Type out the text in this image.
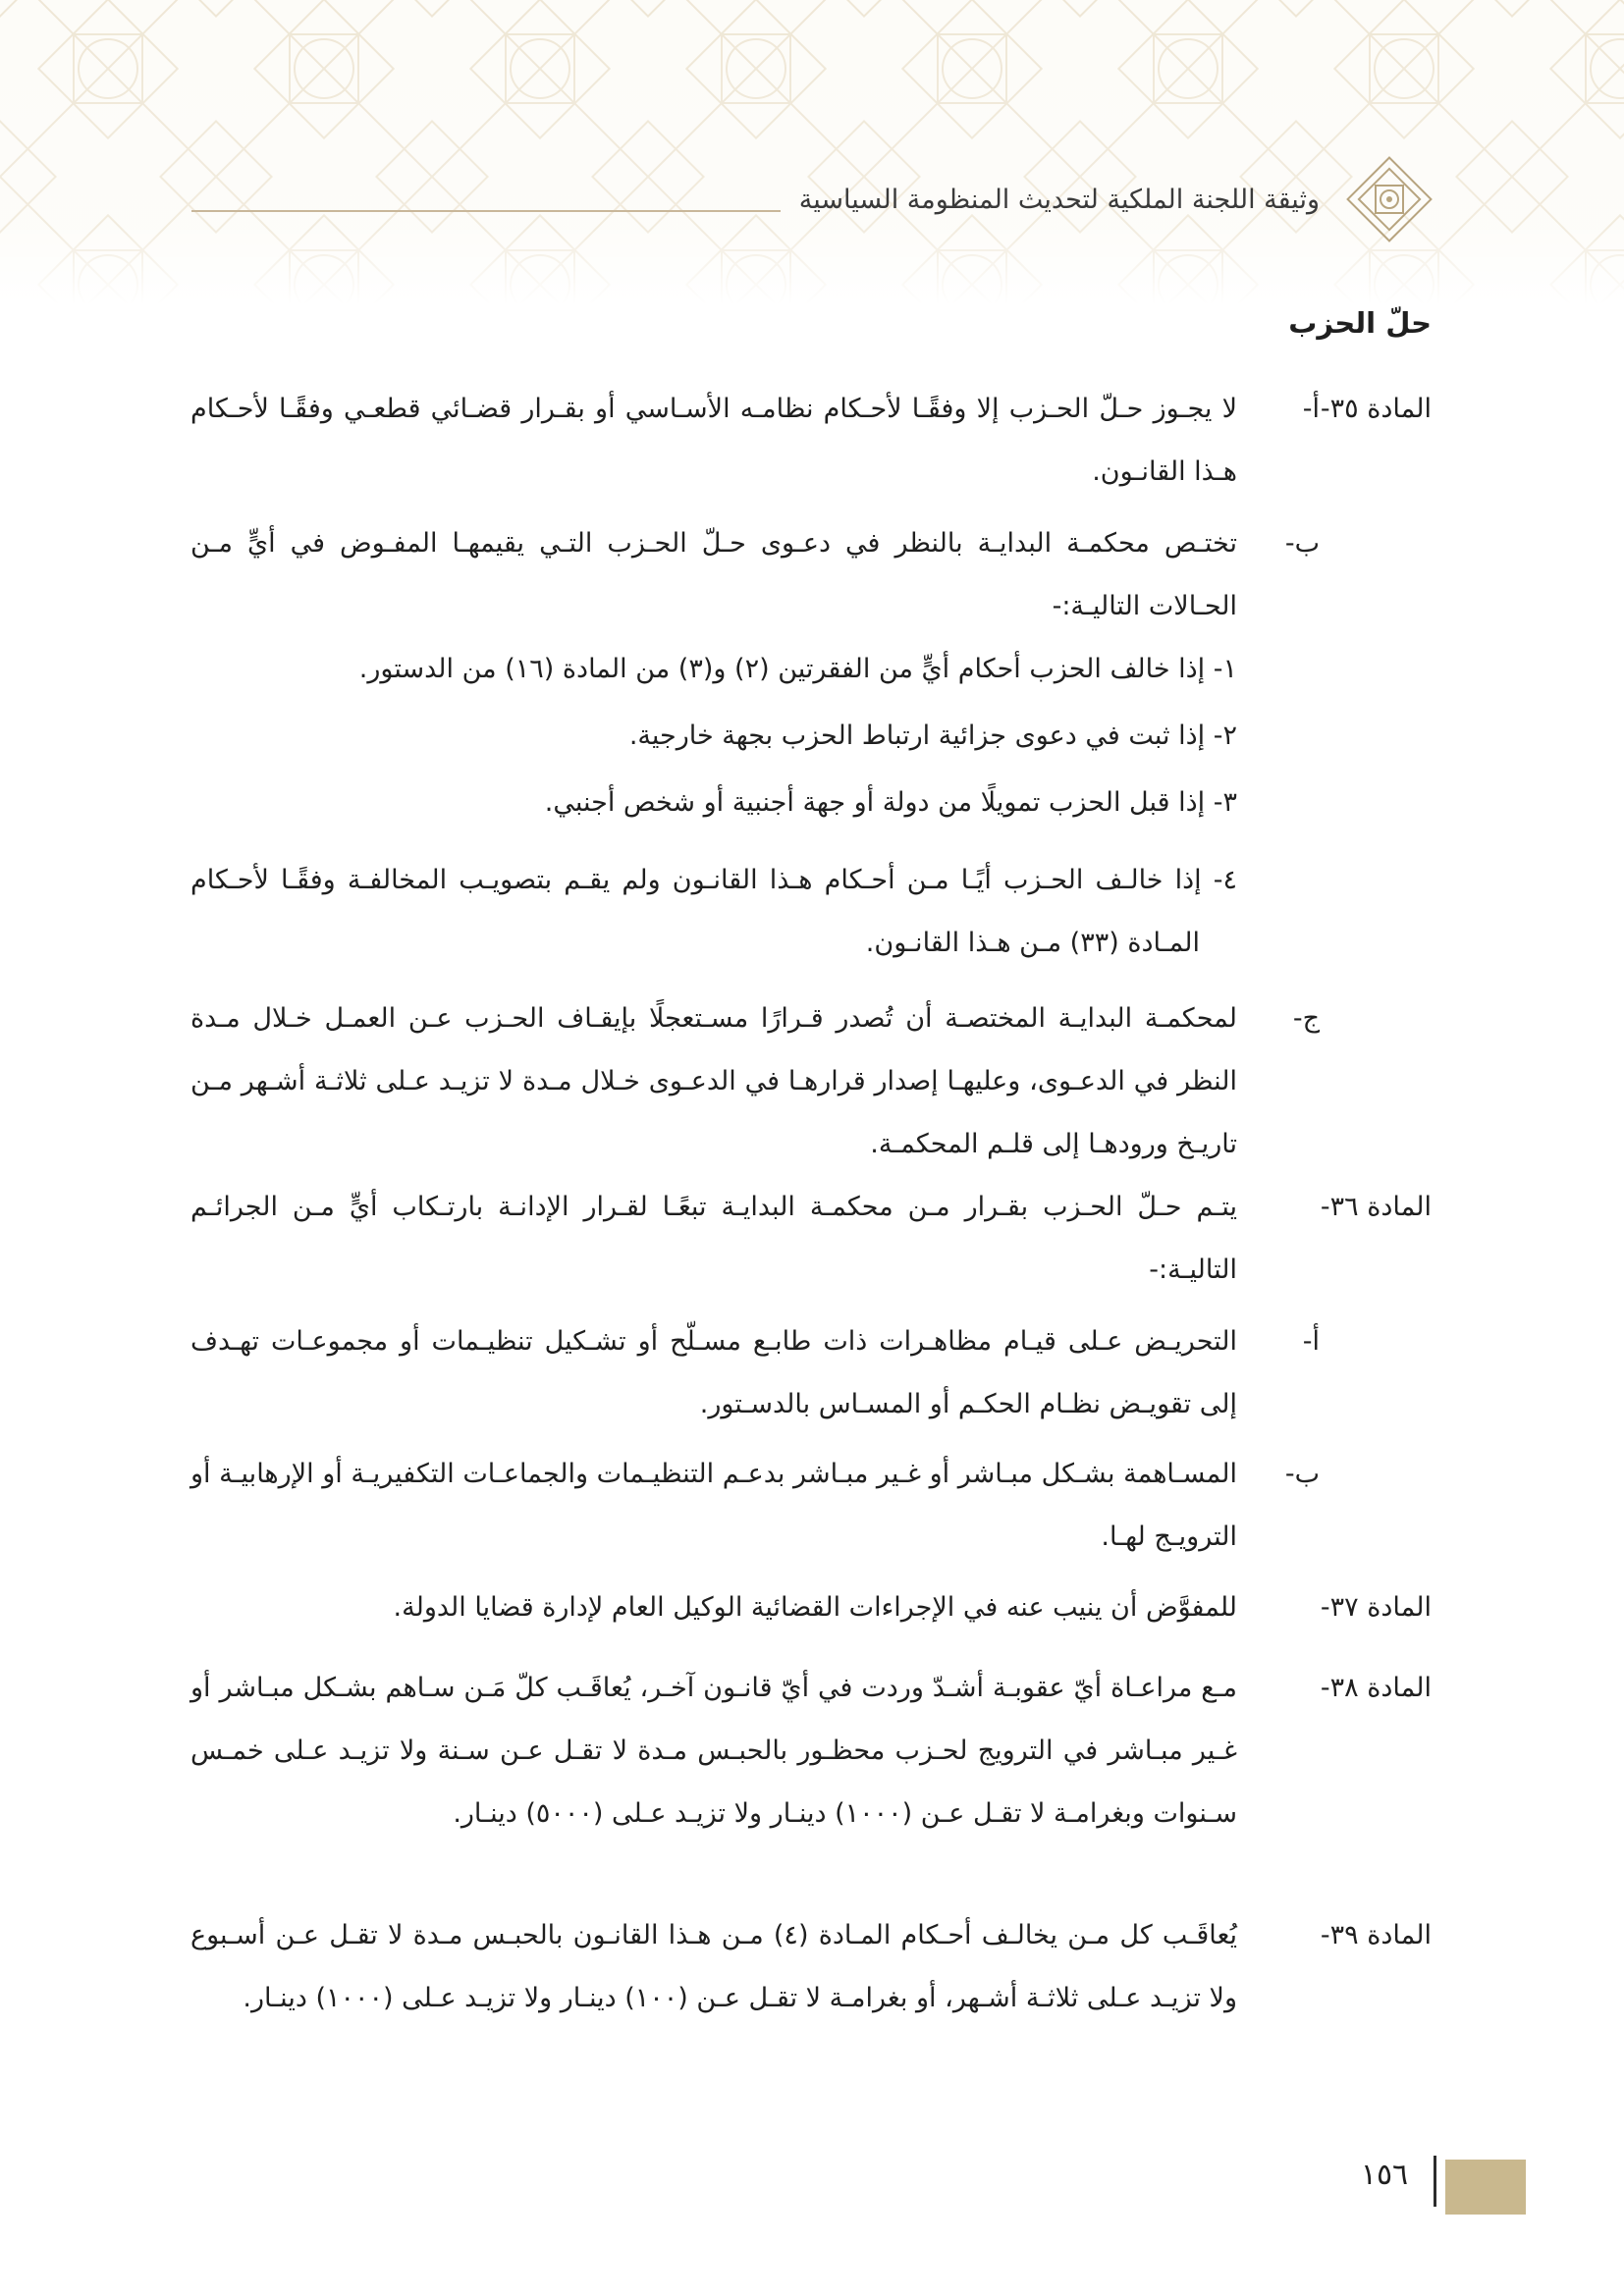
وثيقة اللجنة الملكية لتحديث المنظومة السياسية
حلّ الحزب
المادة ٣٥-
أ-
لا يجـوز حـلّ الحـزب إلا وفقًـا لأحـكام نظامـه الأسـاسي أو بقـرار قضـائي قطعـي وفقًـا لأحـكام هـذا القانـون.
ب-
تختـص محكمـة البدايـة بالنظر في دعـوى حـلّ الحـزب التـي يقيمهـا المفـوض في أيٍّ مـن الحـالات التاليـة:-
١- إذا خالف الحزب أحكام أيٍّ من الفقرتين (٢) و(٣) من المادة (١٦) من الدستور.
٢- إذا ثبت في دعوى جزائية ارتباط الحزب بجهة خارجية.
٣- إذا قبل الحزب تمويلًا من دولة أو جهة أجنبية أو شخص أجنبي.
٤- إذا خالـف الحـزب أيًـا مـن أحـكام هـذا القانـون ولم يقـم بتصويـب المخالفـة وفقًـا لأحـكام المـادة (٣٣) مـن هـذا القانـون.
ج-
لمحكمـة البدايـة المختصـة أن تُصدر قـرارًا مسـتعجلًا بإيقـاف الحـزب عـن العمـل خـلال مـدة النظر في الدعـوى، وعليهـا إصدار قرارهـا في الدعـوى خـلال مـدة لا تزيـد عـلى ثلاثـة أشـهر مـن تاريـخ ورودهـا إلى قلـم المحكمـة.
المادة ٣٦-
يتـم حـلّ الحـزب بقـرار مـن محكمـة البدايـة تبعًـا لقـرار الإدانـة بارتـكاب أيٍّ مـن الجرائـم التاليـة:-
أ-
التحريـض عـلى قيـام مظاهـرات ذات طابـع مسـلّح أو تشـكيل تنظيـمات أو مجموعـات تهـدف إلى تقويـض نظـام الحكـم أو المسـاس بالدسـتور.
ب-
المسـاهمة بشـكل مبـاشر أو غـير مبـاشر بدعـم التنظيـمات والجماعـات التكفيريـة أو الإرهابيـة أو الترويـج لهـا.
المادة ٣٧-
للمفوَّض أن ينيب عنه في الإجراءات القضائية الوكيل العام لإدارة قضايا الدولة.
المادة ٣٨-
مـع مراعـاة أيّ عقوبـة أشـدّ وردت في أيّ قانـون آخـر، يُعاقَـب كلّ مَـن سـاهم بشـكل مبـاشر أو غـير مبـاشر في الترويج لحـزب محظـور بالحبـس مـدة لا تقـل عـن سـنة ولا تزيـد عـلى خمـس سـنوات وبغرامـة لا تقـل عـن (١٠٠٠) دينـار ولا تزيـد عـلى (٥٠٠٠) دينـار.
المادة ٣٩-
يُعاقَـب كل مـن يخالـف أحـكام المـادة (٤) مـن هـذا القانـون بالحبـس مـدة لا تقـل عـن أسـبوع ولا تزيـد عـلى ثلاثـة أشـهر، أو بغرامـة لا تقـل عـن (١٠٠) دينـار ولا تزيـد عـلى (١٠٠٠) دينـار.
١٥٦
